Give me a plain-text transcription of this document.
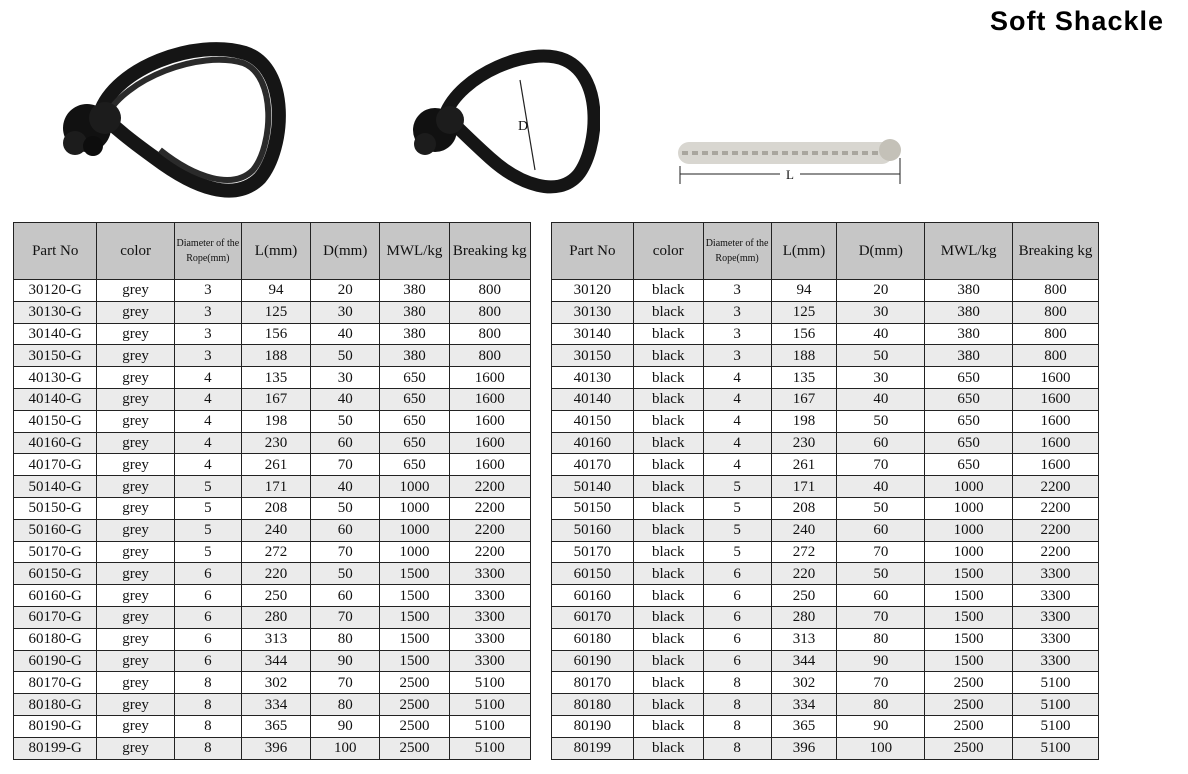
Soft Shackle
D
L
Part No	color	Diameter of the Rope(mm)	L(mm)	D(mm)	MWL/kg	Breaking kg
30120-G	grey	3	94	20	380	800
30130-G	grey	3	125	30	380	800
30140-G	grey	3	156	40	380	800
30150-G	grey	3	188	50	380	800
40130-G	grey	4	135	30	650	1600
40140-G	grey	4	167	40	650	1600
40150-G	grey	4	198	50	650	1600
40160-G	grey	4	230	60	650	1600
40170-G	grey	4	261	70	650	1600
50140-G	grey	5	171	40	1000	2200
50150-G	grey	5	208	50	1000	2200
50160-G	grey	5	240	60	1000	2200
50170-G	grey	5	272	70	1000	2200
60150-G	grey	6	220	50	1500	3300
60160-G	grey	6	250	60	1500	3300
60170-G	grey	6	280	70	1500	3300
60180-G	grey	6	313	80	1500	3300
60190-G	grey	6	344	90	1500	3300
80170-G	grey	8	302	70	2500	5100
80180-G	grey	8	334	80	2500	5100
80190-G	grey	8	365	90	2500	5100
80199-G	grey	8	396	100	2500	5100
Part No	color	Diameter of the Rope(mm)	L(mm)	D(mm)	MWL/kg	Breaking kg
30120	black	3	94	20	380	800
30130	black	3	125	30	380	800
30140	black	3	156	40	380	800
30150	black	3	188	50	380	800
40130	black	4	135	30	650	1600
40140	black	4	167	40	650	1600
40150	black	4	198	50	650	1600
40160	black	4	230	60	650	1600
40170	black	4	261	70	650	1600
50140	black	5	171	40	1000	2200
50150	black	5	208	50	1000	2200
50160	black	5	240	60	1000	2200
50170	black	5	272	70	1000	2200
60150	black	6	220	50	1500	3300
60160	black	6	250	60	1500	3300
60170	black	6	280	70	1500	3300
60180	black	6	313	80	1500	3300
60190	black	6	344	90	1500	3300
80170	black	8	302	70	2500	5100
80180	black	8	334	80	2500	5100
80190	black	8	365	90	2500	5100
80199	black	8	396	100	2500	5100
